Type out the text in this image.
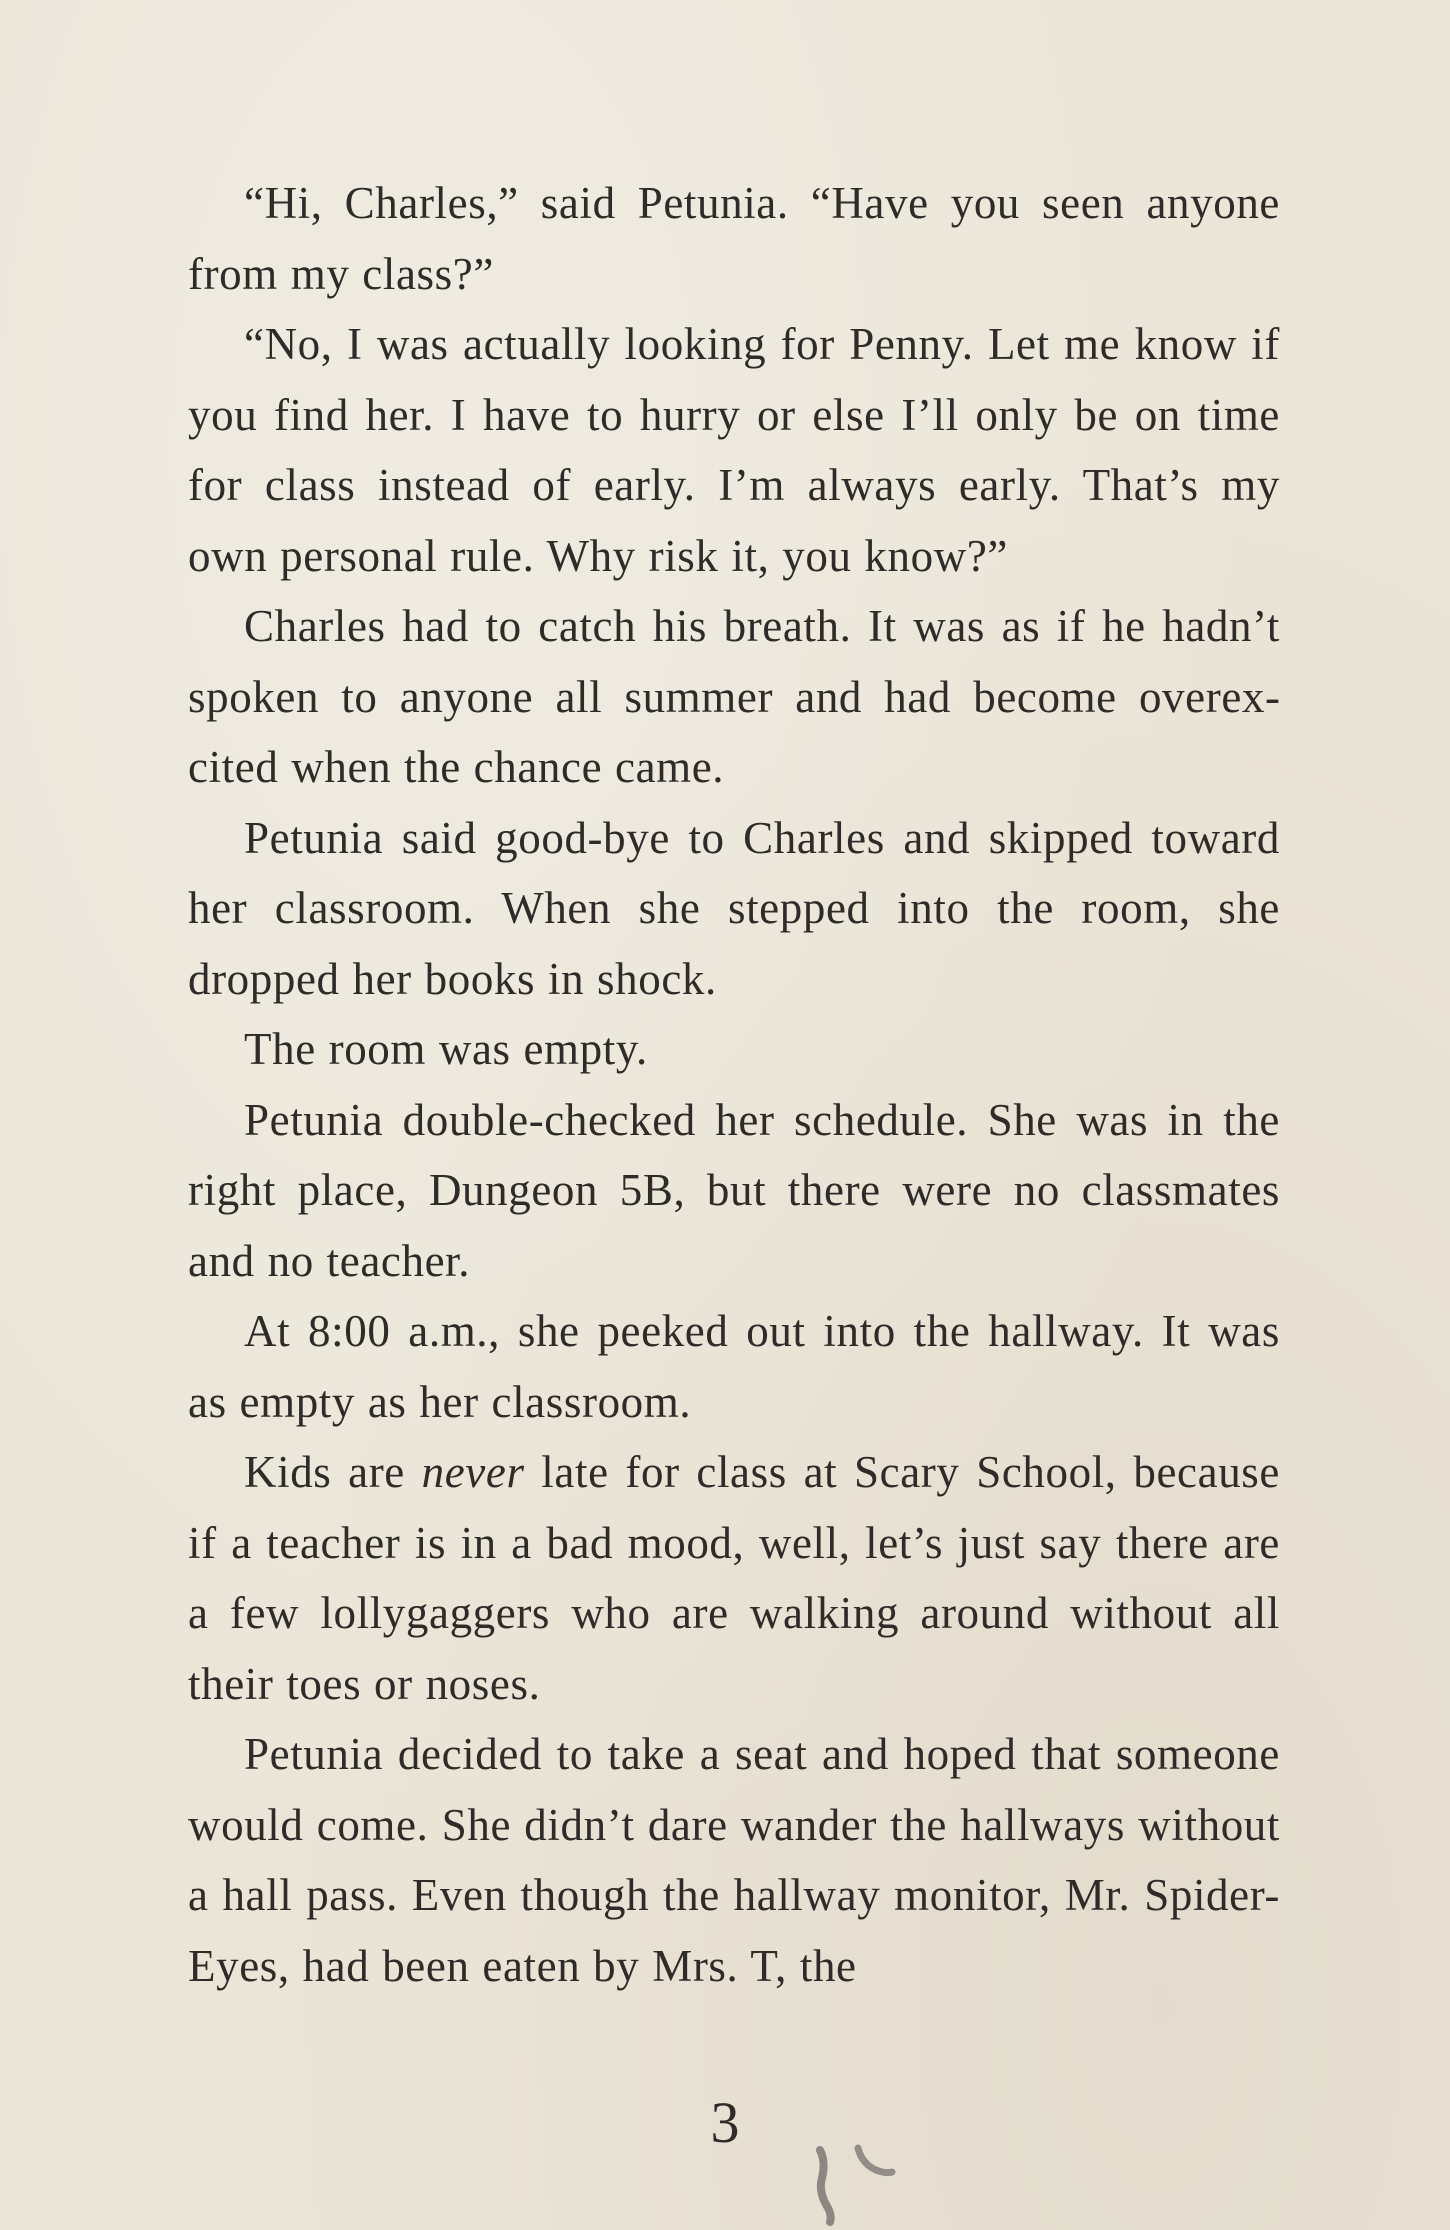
“Hi, Charles,” said Petunia. “Have you seen anyone from my class?”

“No, I was actually looking for Penny. Let me know if you find her. I have to hurry or else I’ll only be on time for class instead of early. I’m always early. That’s my own personal rule. Why risk it, you know?”

Charles had to catch his breath. It was as if he hadn’t spoken to anyone all summer and had become overexcited when the chance came.

Petunia said good-bye to Charles and skipped toward her classroom. When she stepped into the room, she dropped her books in shock.

The room was empty.

Petunia double-checked her schedule. She was in the right place, Dungeon 5B, but there were no classmates and no teacher.

At 8:00 a.m., she peeked out into the hallway. It was as empty as her classroom.

Kids are never late for class at Scary School, because if a teacher is in a bad mood, well, let’s just say there are a few lollygaggers who are walking around without all their toes or noses.

Petunia decided to take a seat and hoped that someone would come. She didn’t dare wander the hallways without a hall pass. Even though the hallway monitor, Mr. Spider-Eyes, had been eaten by Mrs. T, the

3
